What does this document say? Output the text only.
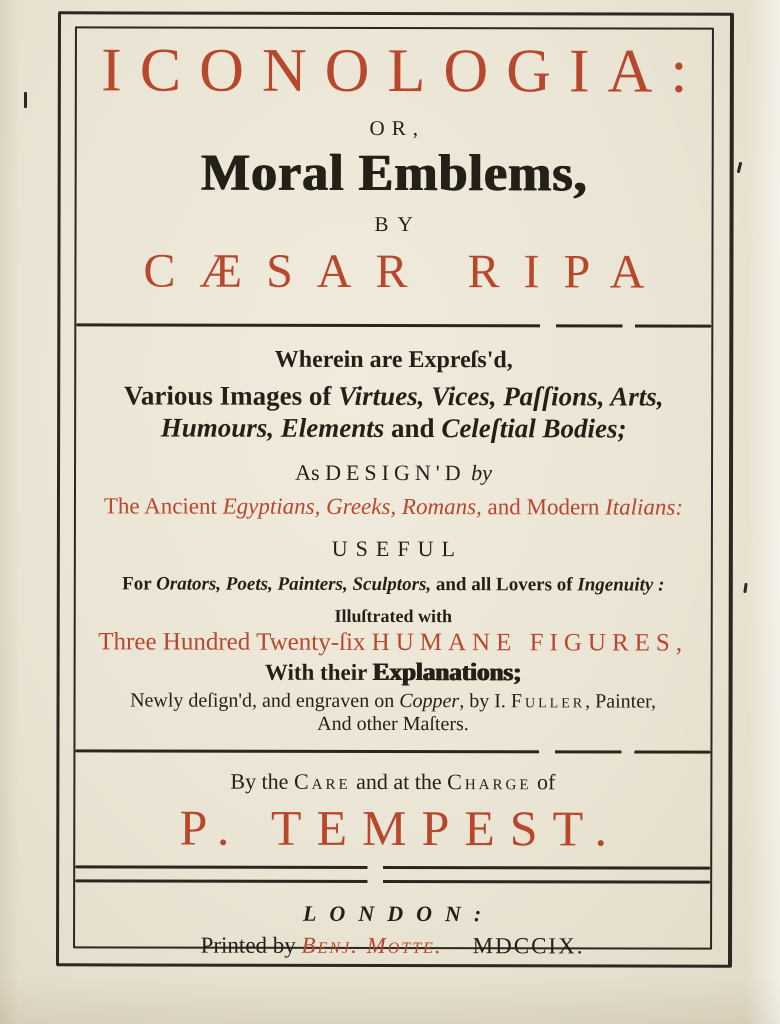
ICONOLOGIA:
OR,
Moral Emblems,
BY
CÆSAR RIPA

Wherein are Expreſs'd,

Various Images of Virtues, Vices, Paſſions, Arts,

Humours, Elements and Celeſtial Bodies;

As DESIGN'D by

The Ancient Egyptians, Greeks, Romans, and Modern Italians:

USEFUL

For Orators, Poets, Painters, Sculptors, and all Lovers of Ingenuity :

Illuſtrated with

Three Hundred Twenty-ſix HUMANE FIGURES,

With their Explanations;

Newly deſign'd, and engraven on Copper, by I. Fuller, Painter,

And other Maſters.

By the Care and at the Charge of

P. TEMPEST.

LONDON:

Printed by Benj. Motte. MDCCIX.
